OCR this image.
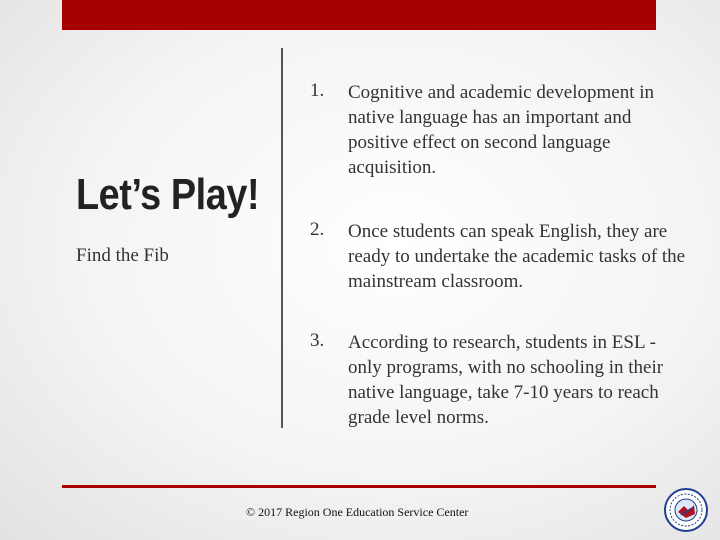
Let’s Play!
Find the Fib
1. Cognitive and academic development in native language has an important and positive effect on second language acquisition.
2. Once students can speak English, they are ready to undertake the academic tasks of the mainstream classroom.
3. According to research, students in ESL -only programs, with no schooling in their native language, take 7-10 years to reach grade level norms.
© 2017 Region One Education Service Center
